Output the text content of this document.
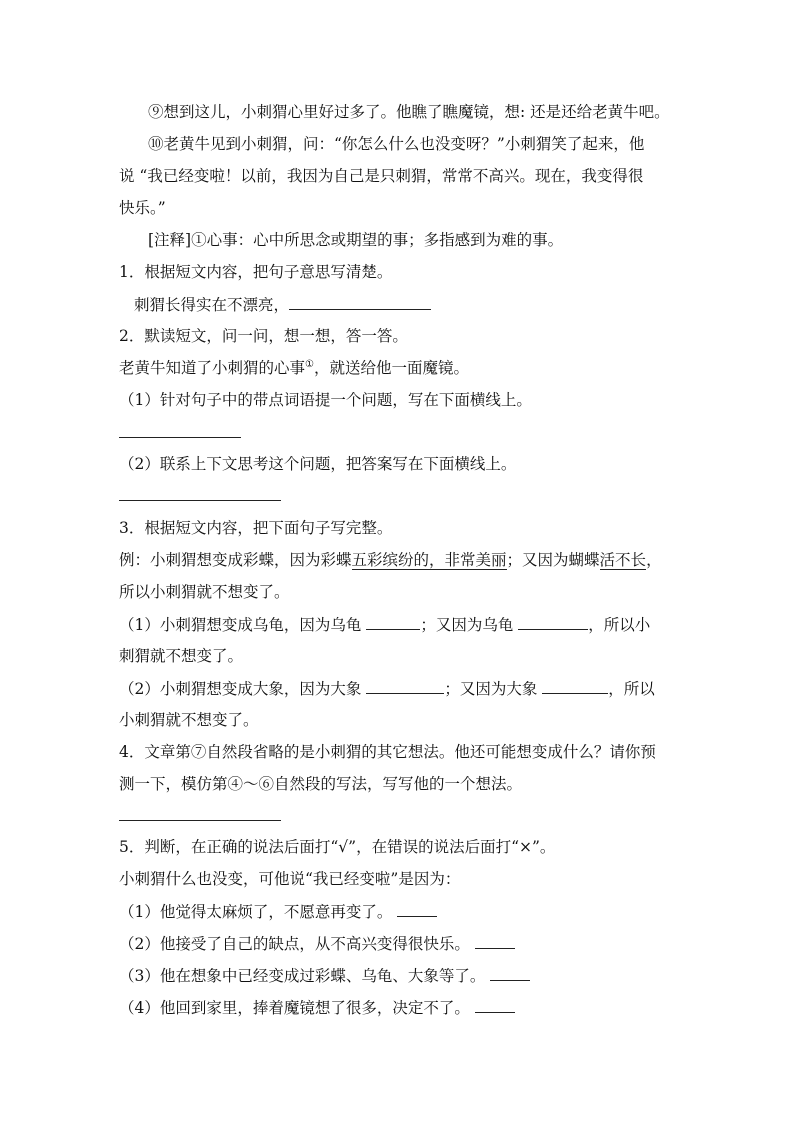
⑨想到这儿，小刺猬心里好过多了。他瞧了瞧魔镜，想: 还是还给老黄牛吧。
⑩老黄牛见到小刺猬，问：“你怎么什么也没变呀？”小刺猬笑了起来，他
说 “我已经变啦！以前，我因为自己是只刺猬，常常不高兴。现在，我变得很
快乐。”
[注释]①心事：心中所思念或期望的事；多指感到为难的事。
1．根据短文内容，把句子意思写清楚。
刺猬长得实在不漂亮，
2．默读短文，问一问，想一想，答一答。
老黄牛知道了小刺猬的心事①，就送给他一面魔镜。
（1）针对句子中的带点词语提一个问题，写在下面横线上。
（2）联系上下文思考这个问题，把答案写在下面横线上。
3．根据短文内容，把下面句子写完整。
例：小刺猬想变成彩蝶，因为彩蝶五彩缤纷的，非常美丽；又因为蝴蝶活不长，
所以小刺猬就不想变了。
（1）小刺猬想变成乌龟，因为乌龟	；又因为乌龟	，所以小
刺猬就不想变了。
（2）小刺猬想变成大象，因为大象	；又因为大象	，所以
小刺猬就不想变了。
4．文章第⑦自然段省略的是小刺猬的其它想法。他还可能想变成什么？请你预
测一下，模仿第④～⑥自然段的写法，写写他的一个想法。
5．判断，在正确的说法后面打“√”，在错误的说法后面打“×”。
小刺猬什么也没变，可他说“我已经变啦”是因为：
（1）他觉得太麻烦了，不愿意再变了。
（2）他接受了自己的缺点，从不高兴变得很快乐。
（3）他在想象中已经变成过彩蝶、乌龟、大象等了。
（4）他回到家里，捧着魔镜想了很多，决定不了。
